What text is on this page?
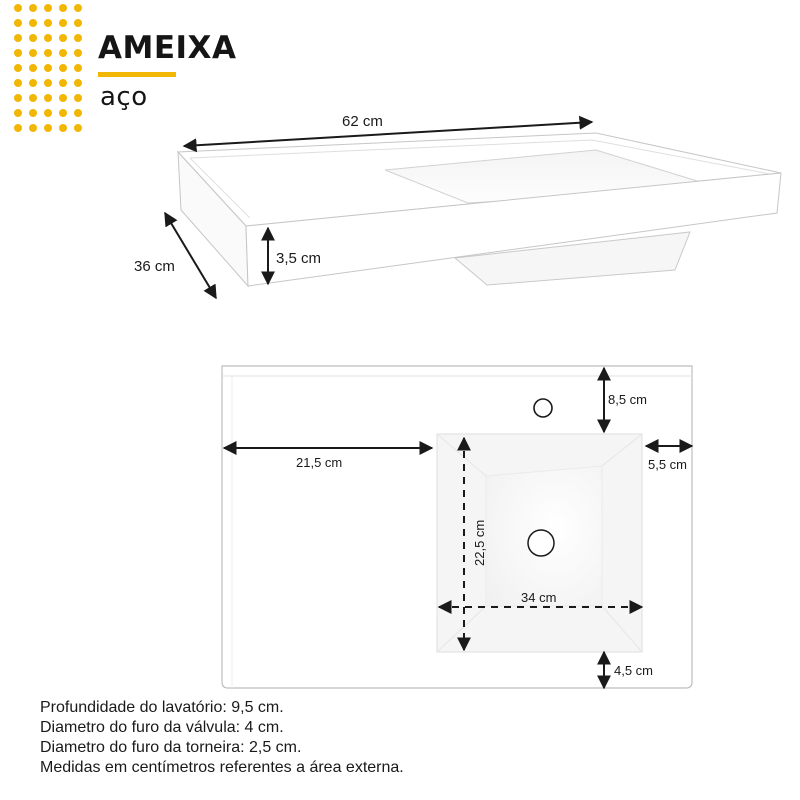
AMEIXA
aço
62 cm
36 cm	3,5 cm
8,5 cm
21,5 cm	5,5 cm
22,5 cm
34 cm
4,5 cm
Profundidade do lavatório: 9,5 cm.
Diametro do furo da válvula: 4 cm.
Diametro do furo da torneira: 2,5 cm.
Medidas em centímetros referentes a área externa.
